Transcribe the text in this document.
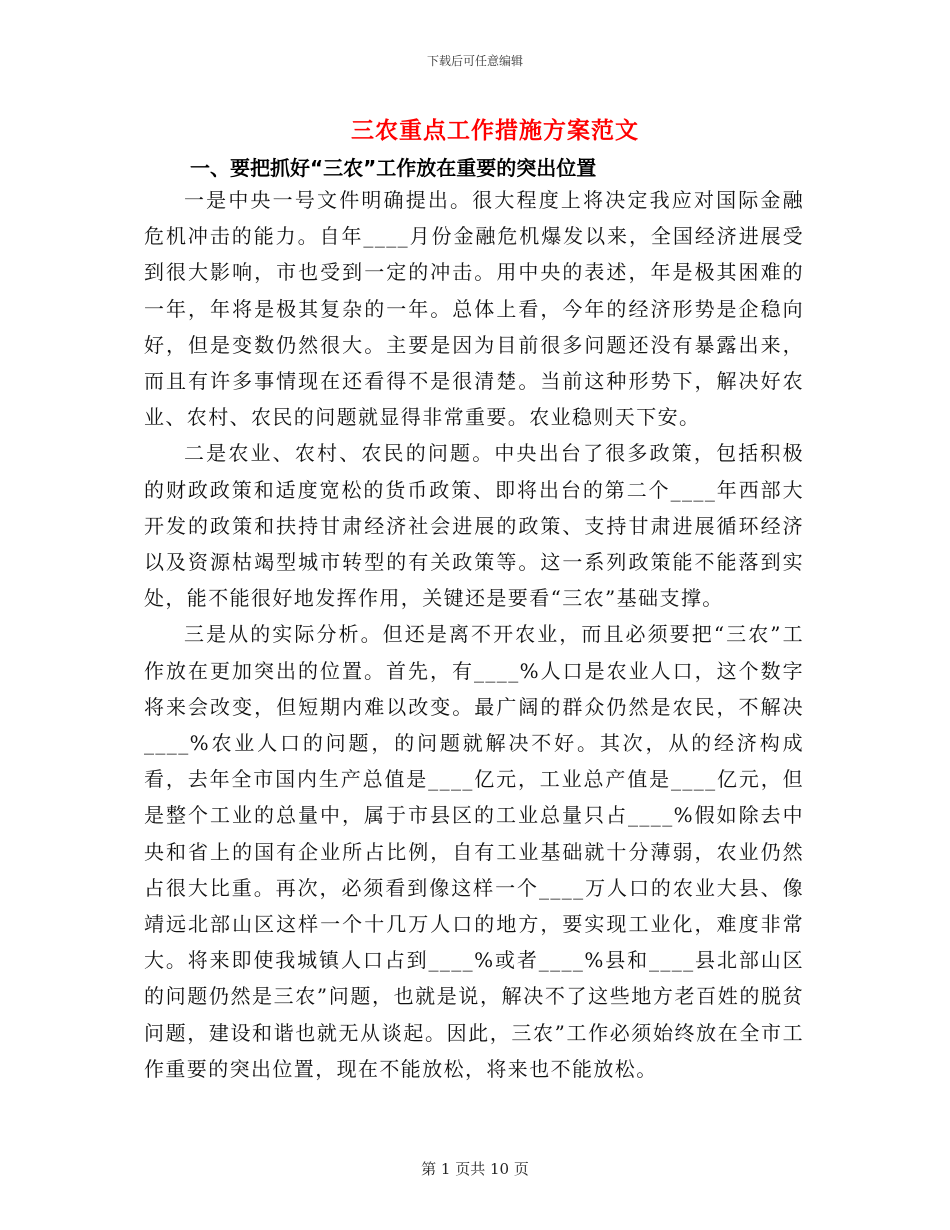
下载后可任意编辑
三农重点工作措施方案范文
一、要把抓好“三农”工作放在重要的突出位置

一是中央一号文件明确提出。很大程度上将决定我应对国际金融危机冲击的能力。自年____月份金融危机爆发以来，全国经济进展受到很大影响，市也受到一定的冲击。用中央的表述，年是极其困难的一年，年将是极其复杂的一年。总体上看，今年的经济形势是企稳向好，但是变数仍然很大。主要是因为目前很多问题还没有暴露出来，而且有许多事情现在还看得不是很清楚。当前这种形势下，解决好农业、农村、农民的问题就显得非常重要。农业稳则天下安。

二是农业、农村、农民的问题。中央出台了很多政策，包括积极的财政政策和适度宽松的货币政策、即将出台的第二个____年西部大开发的政策和扶持甘肃经济社会进展的政策、支持甘肃进展循环经济以及资源枯竭型城市转型的有关政策等。这一系列政策能不能落到实处，能不能很好地发挥作用，关键还是要看“三农”基础支撑。

三是从的实际分析。但还是离不开农业，而且必须要把“三农”工作放在更加突出的位置。首先，有____%人口是农业人口，这个数字将来会改变，但短期内难以改变。最广阔的群众仍然是农民，不解决____%农业人口的问题，的问题就解决不好。其次，从的经济构成看，去年全市国内生产总值是____亿元，工业总产值是____亿元，但是整个工业的总量中，属于市县区的工业总量只占____%假如除去中央和省上的国有企业所占比例，自有工业基础就十分薄弱，农业仍然占很大比重。再次，必须看到像这样一个____万人口的农业大县、像靖远北部山区这样一个十几万人口的地方，要实现工业化，难度非常大。将来即使我城镇人口占到____%或者____%县和____县北部山区的问题仍然是三农”问题，也就是说，解决不了这些地方老百姓的脱贫问题，建设和谐也就无从谈起。因此，三农”工作必须始终放在全市工作重要的突出位置，现在不能放松，将来也不能放松。

第 1 页共 10 页
